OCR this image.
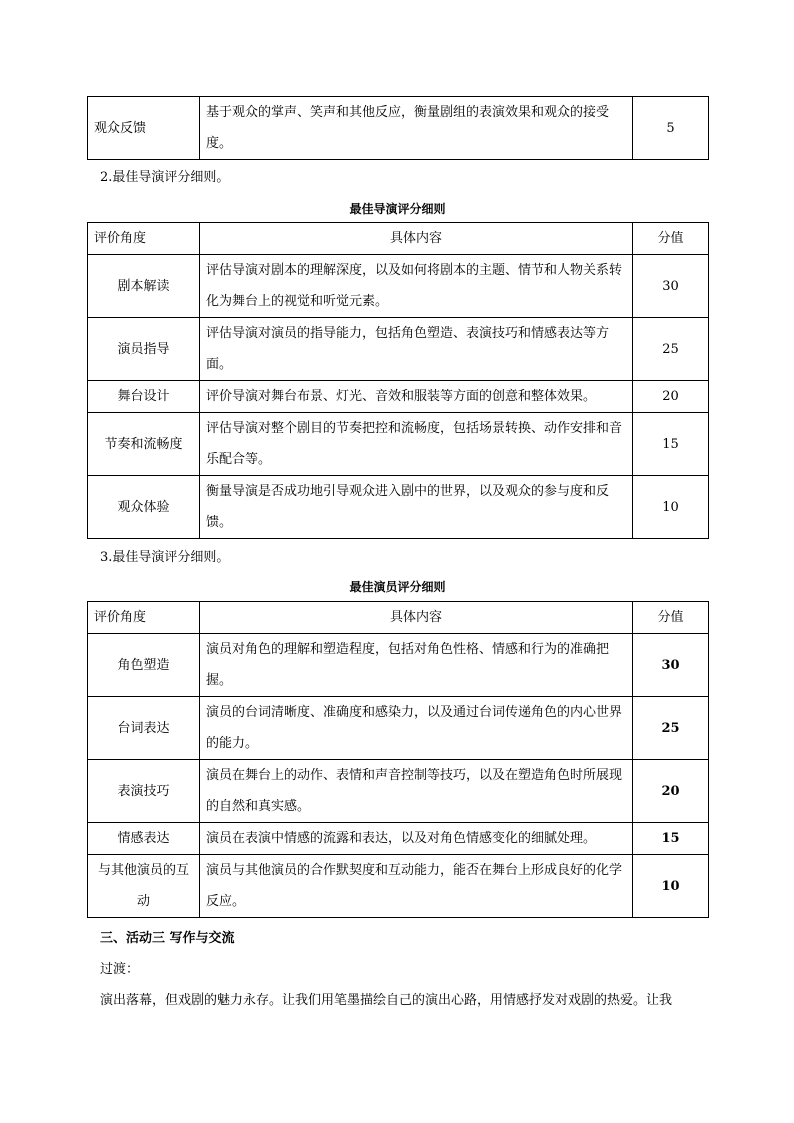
观众反馈	基于观众的掌声、笑声和其他反应，衡量剧组的表演效果和观众的接受度。	5
2.最佳导演评分细则。
最佳导演评分细则
评价角度	具体内容	分值
剧本解读	评估导演对剧本的理解深度，以及如何将剧本的主题、情节和人物关系转化为舞台上的视觉和听觉元素。	30
演员指导	评估导演对演员的指导能力，包括角色塑造、表演技巧和情感表达等方面。	25
舞台设计	评价导演对舞台布景、灯光、音效和服装等方面的创意和整体效果。	20
节奏和流畅度	评估导演对整个剧目的节奏把控和流畅度，包括场景转换、动作安排和音乐配合等。	15
观众体验	衡量导演是否成功地引导观众进入剧中的世界，以及观众的参与度和反馈。	10
3.最佳导演评分细则。
最佳演员评分细则
评价角度	具体内容	分值
角色塑造	演员对角色的理解和塑造程度，包括对角色性格、情感和行为的准确把握。	30
台词表达	演员的台词清晰度、准确度和感染力，以及通过台词传递角色的内心世界的能力。	25
表演技巧	演员在舞台上的动作、表情和声音控制等技巧，以及在塑造角色时所展现的自然和真实感。	20
情感表达	演员在表演中情感的流露和表达，以及对角色情感变化的细腻处理。	15
与其他演员的互动	演员与其他演员的合作默契度和互动能力，能否在舞台上形成良好的化学反应。	10
三、活动三 写作与交流
过渡：
演出落幕，但戏剧的魅力永存。让我们用笔墨描绘自己的演出心路，用情感抒发对戏剧的热爱。让我
